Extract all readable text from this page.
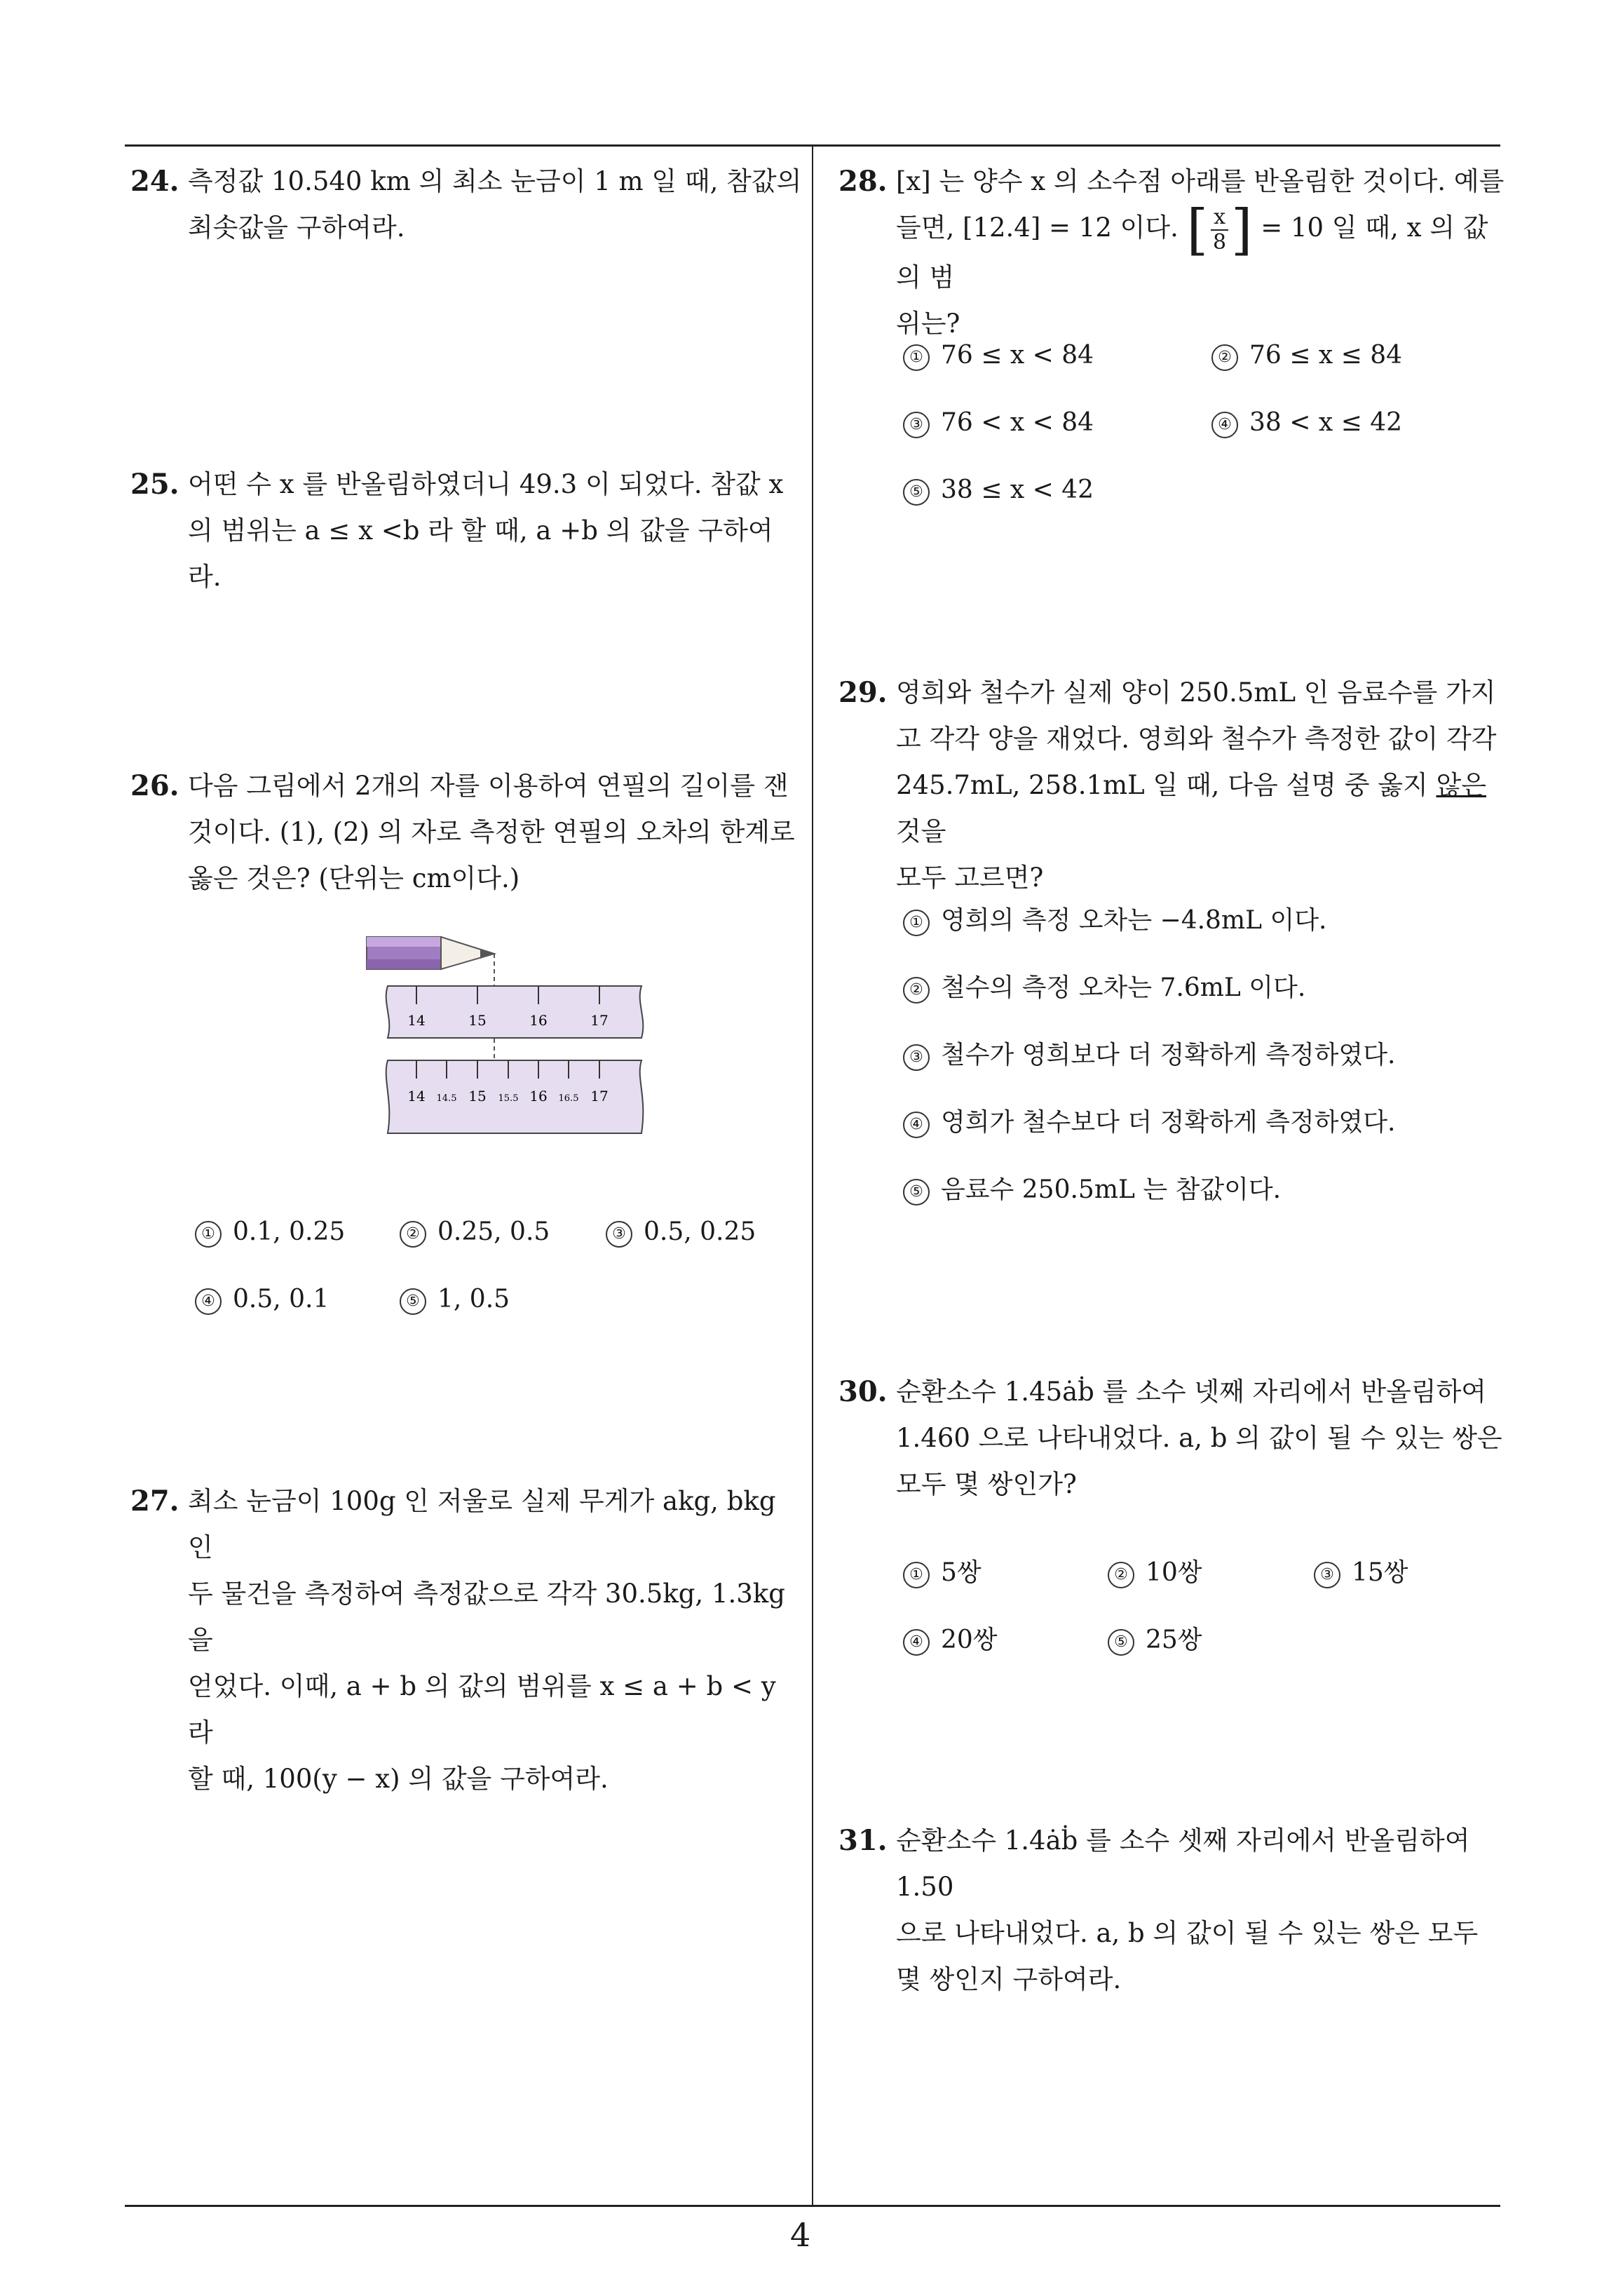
24. 측정값 10.540 km 의 최소 눈금이 1 m 일 때, 참값의
최솟값을 구하여라.
25. 어떤 수 x 를 반올림하였더니 49.3 이 되었다. 참값 x
의 범위는 a ≤ x <b 라 할 때, a +b 의 값을 구하여라.
26. 다음 그림에서 2개의 자를 이용하여 연필의 길이를 잰
것이다. (1), (2) 의 자로 측정한 연필의 오차의 한계로
옳은 것은? (단위는 cm이다.)
14	15	16	17
14 14.5 15 15.5 16 16.5 17
① 0.1, 0.25	② 0.25, 0.5	③ 0.5, 0.25
④ 0.5, 0.1	⑤ 1, 0.5
27. 최소 눈금이 100g 인 저울로 실제 무게가 akg, bkg 인
두 물건을 측정하여 측정값으로 각각 30.5kg, 1.3kg 을
얻었다. 이때, a + b 의 값의 범위를 x ≤ a + b < y 라
할 때, 100(y − x) 의 값을 구하여라.
28. [x] 는 양수 x 의 소수점 아래를 반올림한 것이다. 예를
들면, [12.4] = 12 이다. [ $\frac{x}{8}$ ] = 10 일 때, x 의 값의 범
위는?
① 76 ≤ x < 84	② 76 ≤ x ≤ 84
③ 76 < x < 84	④ 38 < x ≤ 42
⑤ 38 ≤ x < 42
29. 영희와 철수가 실제 양이 250.5mL 인 음료수를 가지
고 각각 양을 재었다. 영희와 철수가 측정한 값이 각각
245.7mL, 258.1mL 일 때, 다음 설명 중 옳지 않은 것을
모두 고르면?
① 영희의 측정 오차는 −4.8mL 이다.
② 철수의 측정 오차는 7.6mL 이다.
③ 철수가 영희보다 더 정확하게 측정하였다.
④ 영희가 철수보다 더 정확하게 측정하였다.
⑤ 음료수 250.5mL 는 참값이다.
30. 순환소수 1.45ȧḃ 를 소수 넷째 자리에서 반올림하여
1.460 으로 나타내었다. a, b 의 값이 될 수 있는 쌍은
모두 몇 쌍인가?
① 5쌍	② 10쌍	③ 15쌍
④ 20쌍	⑤ 25쌍
31. 순환소수 1.4ȧḃ 를 소수 셋째 자리에서 반올림하여 1.50
으로 나타내었다. a, b 의 값이 될 수 있는 쌍은 모두
몇 쌍인지 구하여라.
4
